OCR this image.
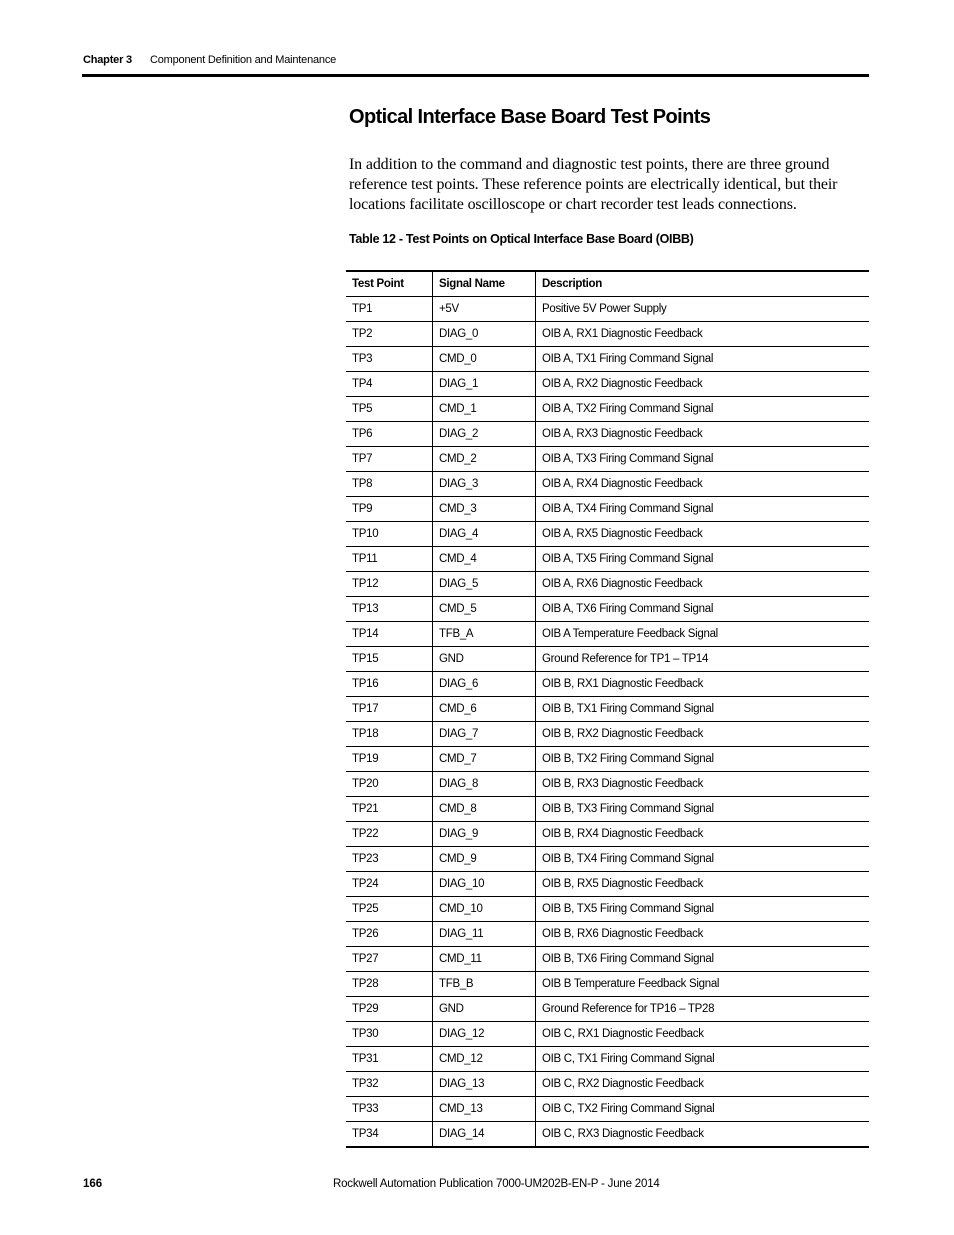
Chapter 3 Component Definition and Maintenance
Optical Interface Base Board Test Points

In addition to the command and diagnostic test points, there are three ground reference test points. These reference points are electrically identical, but their locations facilitate oscilloscope or chart recorder test leads connections.

Table 12 - Test Points on Optical Interface Base Board (OIBB)
Test Point	Signal Name	Description
TP1	+5V	Positive 5V Power Supply
TP2	DIAG_0	OIB A, RX1 Diagnostic Feedback
TP3	CMD_0	OIB A, TX1 Firing Command Signal
TP4	DIAG_1	OIB A, RX2 Diagnostic Feedback
TP5	CMD_1	OIB A, TX2 Firing Command Signal
TP6	DIAG_2	OIB A, RX3 Diagnostic Feedback
TP7	CMD_2	OIB A, TX3 Firing Command Signal
TP8	DIAG_3	OIB A, RX4 Diagnostic Feedback
TP9	CMD_3	OIB A, TX4 Firing Command Signal
TP10	DIAG_4	OIB A, RX5 Diagnostic Feedback
TP11	CMD_4	OIB A, TX5 Firing Command Signal
TP12	DIAG_5	OIB A, RX6 Diagnostic Feedback
TP13	CMD_5	OIB A, TX6 Firing Command Signal
TP14	TFB_A	OIB A Temperature Feedback Signal
TP15	GND	Ground Reference for TP1 – TP14
TP16	DIAG_6	OIB B, RX1 Diagnostic Feedback
TP17	CMD_6	OIB B, TX1 Firing Command Signal
TP18	DIAG_7	OIB B, RX2 Diagnostic Feedback
TP19	CMD_7	OIB B, TX2 Firing Command Signal
TP20	DIAG_8	OIB B, RX3 Diagnostic Feedback
TP21	CMD_8	OIB B, TX3 Firing Command Signal
TP22	DIAG_9	OIB B, RX4 Diagnostic Feedback
TP23	CMD_9	OIB B, TX4 Firing Command Signal
TP24	DIAG_10	OIB B, RX5 Diagnostic Feedback
TP25	CMD_10	OIB B, TX5 Firing Command Signal
TP26	DIAG_11	OIB B, RX6 Diagnostic Feedback
TP27	CMD_11	OIB B, TX6 Firing Command Signal
TP28	TFB_B	OIB B Temperature Feedback Signal
TP29	GND	Ground Reference for TP16 – TP28
TP30	DIAG_12	OIB C, RX1 Diagnostic Feedback
TP31	CMD_12	OIB C, TX1 Firing Command Signal
TP32	DIAG_13	OIB C, RX2 Diagnostic Feedback
TP33	CMD_13	OIB C, TX2 Firing Command Signal
TP34	DIAG_14	OIB C, RX3 Diagnostic Feedback
166	Rockwell Automation Publication 7000-UM202B-EN-P - June 2014
